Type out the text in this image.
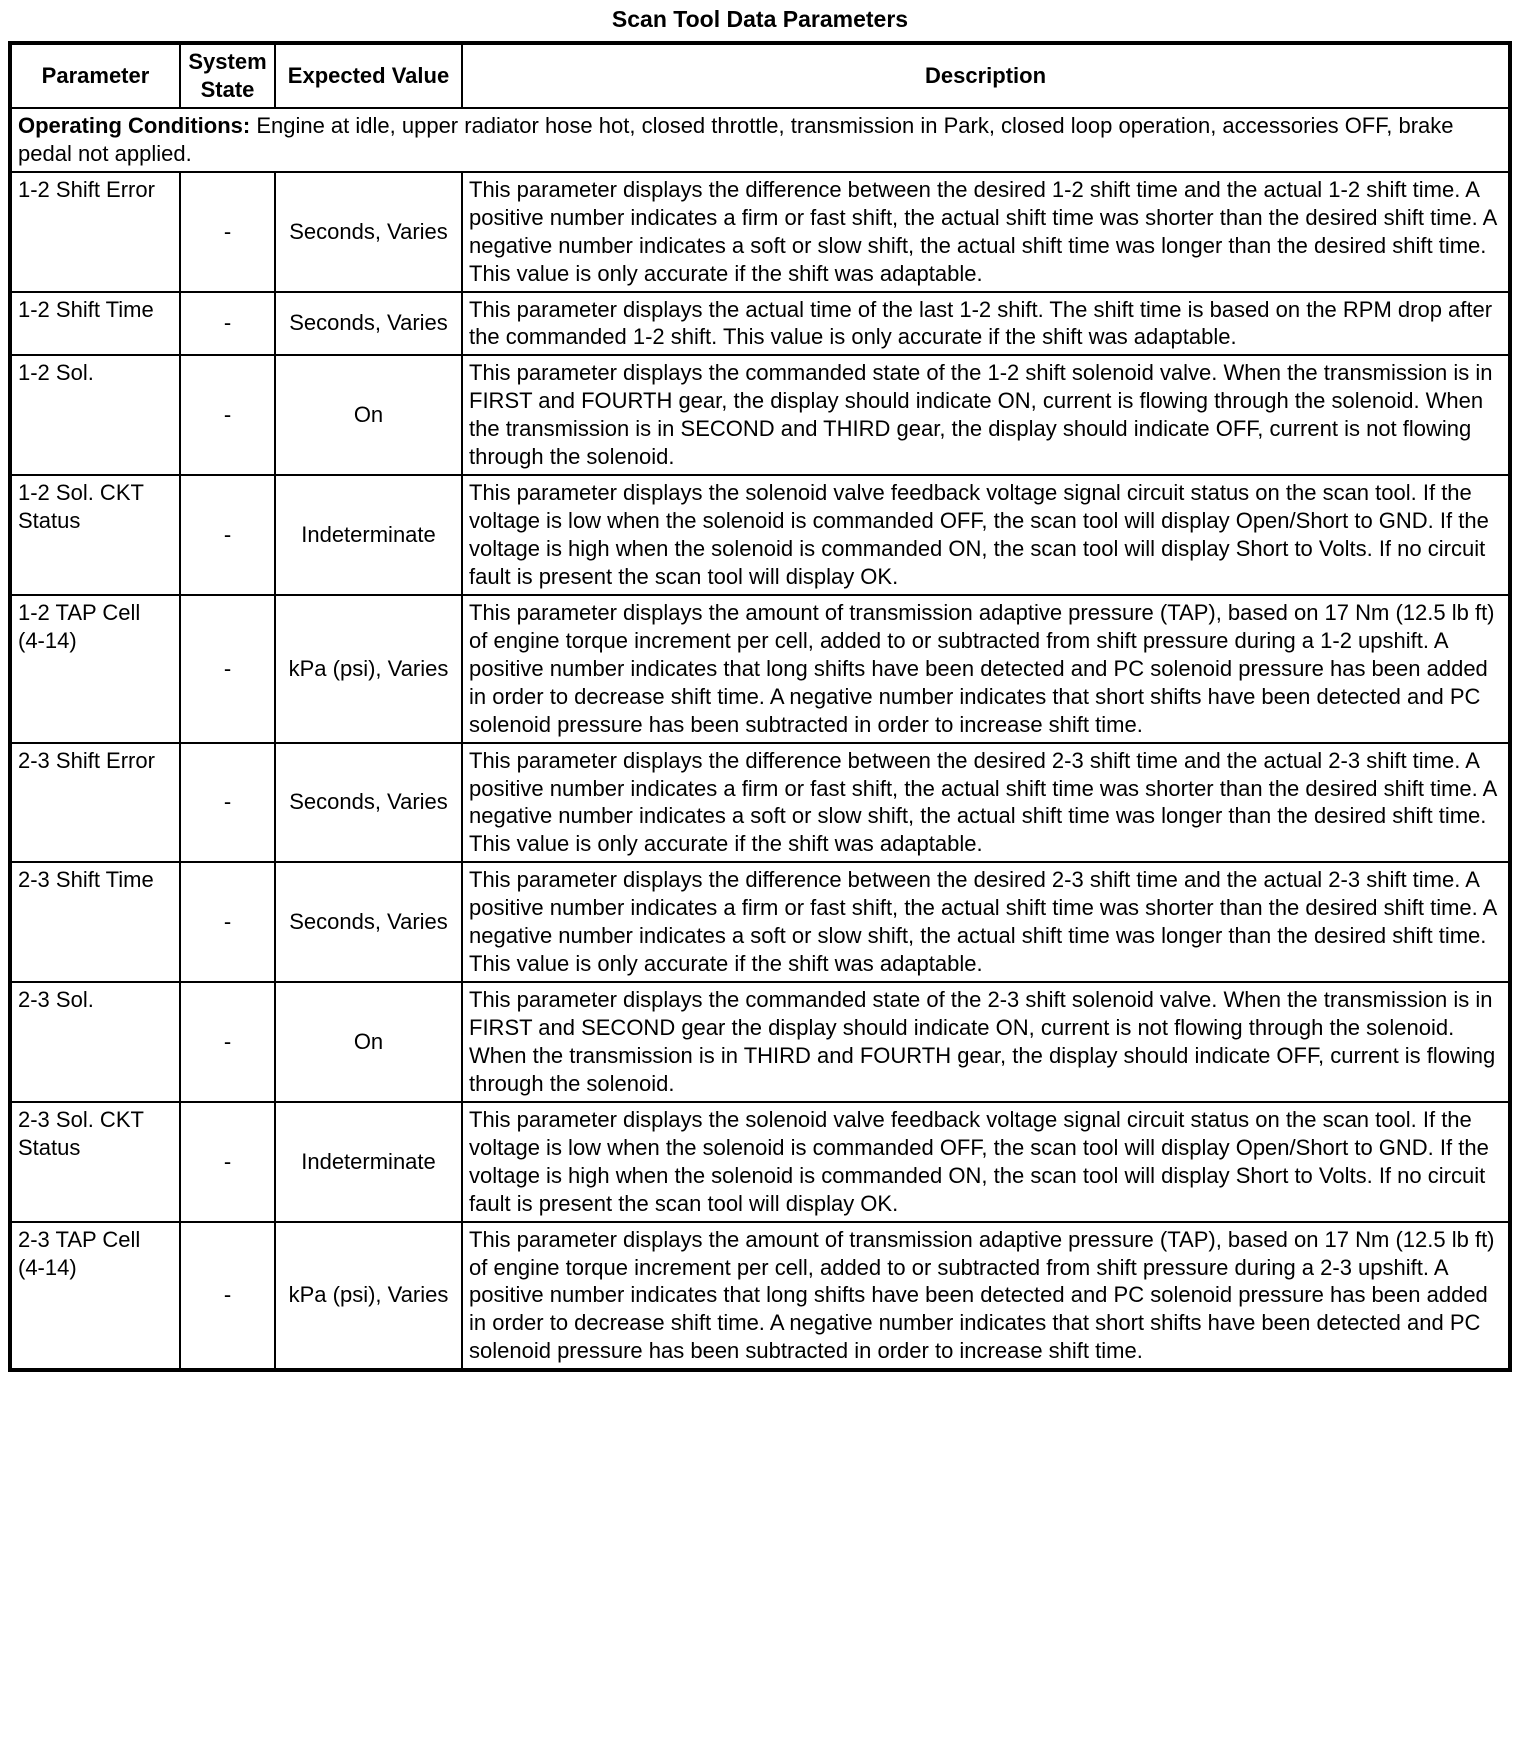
Scan Tool Data Parameters
Parameter	System State	Expected Value	Description
Operating Conditions: Engine at idle, upper radiator hose hot, closed throttle, transmission in Park, closed loop operation, accessories OFF, brake pedal not applied.			
1-2 Shift Error	-	Seconds, Varies	This parameter displays the difference between the desired 1-2 shift time and the actual 1-2 shift time. A positive number indicates a firm or fast shift, the actual shift time was shorter than the desired shift time. A negative number indicates a soft or slow shift, the actual shift time was longer than the desired shift time. This value is only accurate if the shift was adaptable.
1-2 Shift Time	-	Seconds, Varies	This parameter displays the actual time of the last 1-2 shift. The shift time is based on the RPM drop after the commanded 1-2 shift. This value is only accurate if the shift was adaptable.
1-2 Sol.	-	On	This parameter displays the commanded state of the 1-2 shift solenoid valve. When the transmission is in FIRST and FOURTH gear, the display should indicate ON, current is flowing through the solenoid. When the transmission is in SECOND and THIRD gear, the display should indicate OFF, current is not flowing through the solenoid.
1-2 Sol. CKT Status	-	Indeterminate	This parameter displays the solenoid valve feedback voltage signal circuit status on the scan tool. If the voltage is low when the solenoid is commanded OFF, the scan tool will display Open/Short to GND. If the voltage is high when the solenoid is commanded ON, the scan tool will display Short to Volts. If no circuit fault is present the scan tool will display OK.
1-2 TAP Cell (4-14)	-	kPa (psi), Varies	This parameter displays the amount of transmission adaptive pressure (TAP), based on 17 Nm (12.5 lb ft) of engine torque increment per cell, added to or subtracted from shift pressure during a 1-2 upshift. A positive number indicates that long shifts have been detected and PC solenoid pressure has been added in order to decrease shift time. A negative number indicates that short shifts have been detected and PC solenoid pressure has been subtracted in order to increase shift time.
2-3 Shift Error	-	Seconds, Varies	This parameter displays the difference between the desired 2-3 shift time and the actual 2-3 shift time. A positive number indicates a firm or fast shift, the actual shift time was shorter than the desired shift time. A negative number indicates a soft or slow shift, the actual shift time was longer than the desired shift time. This value is only accurate if the shift was adaptable.
2-3 Shift Time	-	Seconds, Varies	This parameter displays the difference between the desired 2-3 shift time and the actual 2-3 shift time. A positive number indicates a firm or fast shift, the actual shift time was shorter than the desired shift time. A negative number indicates a soft or slow shift, the actual shift time was longer than the desired shift time. This value is only accurate if the shift was adaptable.
2-3 Sol.	-	On	This parameter displays the commanded state of the 2-3 shift solenoid valve. When the transmission is in FIRST and SECOND gear the display should indicate ON, current is not flowing through the solenoid. When the transmission is in THIRD and FOURTH gear, the display should indicate OFF, current is flowing through the solenoid.
2-3 Sol. CKT Status	-	Indeterminate	This parameter displays the solenoid valve feedback voltage signal circuit status on the scan tool. If the voltage is low when the solenoid is commanded OFF, the scan tool will display Open/Short to GND. If the voltage is high when the solenoid is commanded ON, the scan tool will display Short to Volts. If no circuit fault is present the scan tool will display OK.
2-3 TAP Cell (4-14)	-	kPa (psi), Varies	This parameter displays the amount of transmission adaptive pressure (TAP), based on 17 Nm (12.5 lb ft) of engine torque increment per cell, added to or subtracted from shift pressure during a 2-3 upshift. A positive number indicates that long shifts have been detected and PC solenoid pressure has been added in order to decrease shift time. A negative number indicates that short shifts have been detected and PC solenoid pressure has been subtracted in order to increase shift time.
